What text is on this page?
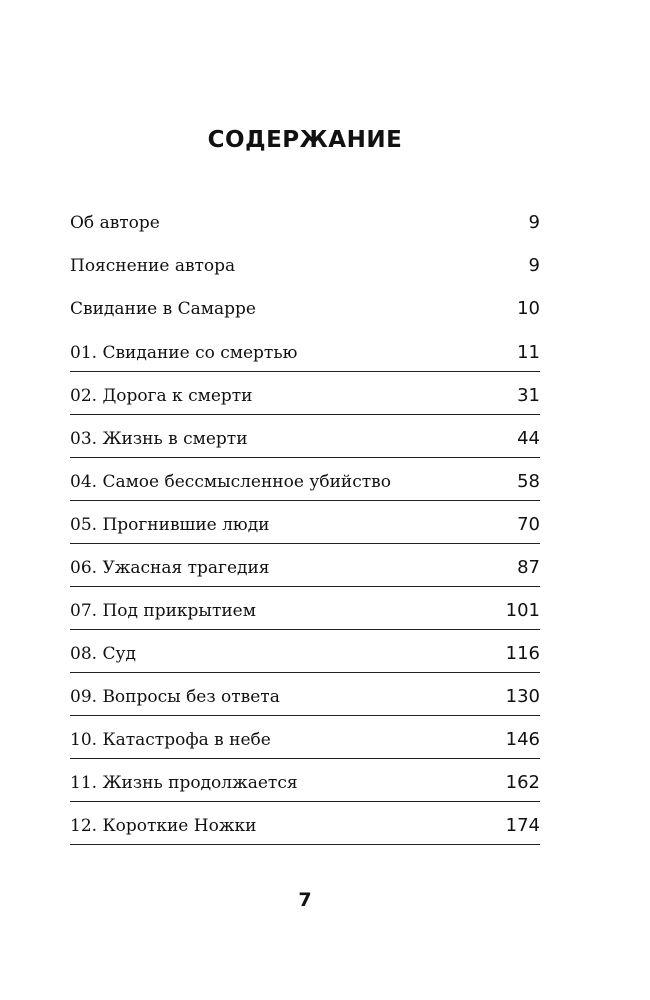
СОДЕРЖАНИЕ
Об авторе	9
Пояснение автора	9
Свидание в Самарре	10
01. Свидание со смертью	11
02. Дорога к смерти	31
03. Жизнь в смерти	44
04. Самое бессмысленное убийство	58
05. Прогнившие люди	70
06. Ужасная трагедия	87
07. Под прикрытием	101
08. Суд	116
09. Вопросы без ответа	130
10. Катастрофа в небе	146
11. Жизнь продолжается	162
12. Короткие Ножки	174
7
